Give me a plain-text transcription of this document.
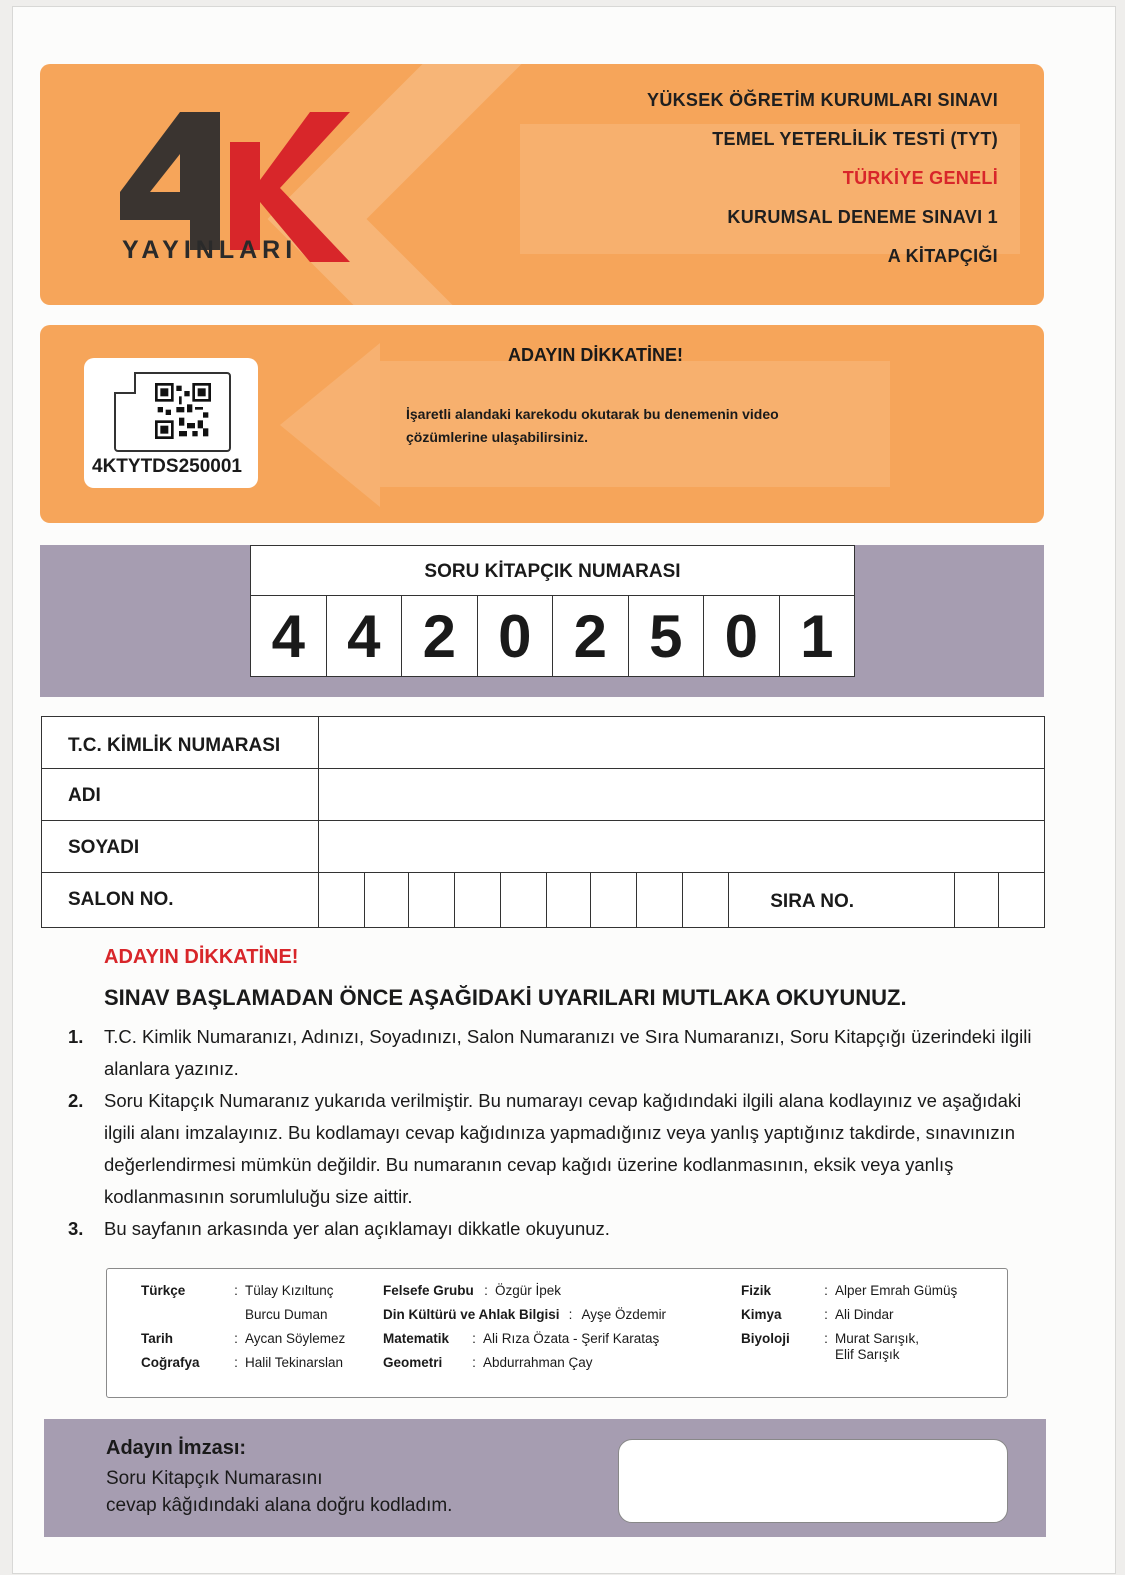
YAYINLARI
YÜKSEK ÖĞRETİM KURUMLARI SINAVI
TEMEL YETERLİLİK TESTİ (TYT)
TÜRKİYE GENELİ
KURUMSAL DENEME SINAVI 1
A KİTAPÇIĞI
4KTYTDS250001
ADAYIN DİKKATİNE!
İşaretli alandaki karekodu okutarak bu denemenin video çözümlerine ulaşabilirsiniz.
SORU KİTAPÇIK NUMARASI
4 4 2 0 2 5 0 1
T.C. KİMLİK NUMARASI
ADI
SOYADI
SALON NO.	SIRA NO.
ADAYIN DİKKATİNE!
SINAV BAŞLAMADAN ÖNCE AŞAĞIDAKİ UYARILARI MUTLAKA OKUYUNUZ.
1.	T.C. Kimlik Numaranızı, Adınızı, Soyadınızı, Salon Numaranızı ve Sıra Numaranızı, Soru Kitapçığı üzerindeki ilgili alanlara yazınız.
2.	Soru Kitapçık Numaranız yukarıda verilmiştir. Bu numarayı cevap kağıdındaki ilgili alana kodlayınız ve aşağıdaki ilgili alanı imzalayınız. Bu kodlamayı cevap kağıdınıza yapmadığınız veya yanlış yaptığınız takdirde, sınavınızın değerlendirmesi mümkün değildir. Bu numaranın cevap kağıdı üzerine kodlanmasının, eksik veya yanlış kodlanmasının sorumluluğu size aittir.
3.	Bu sayfanın arkasında yer alan açıklamayı dikkatle okuyunuz.
Türkçe	: Tülay Kızıltunç
Burcu Duman
Tarih	: Aycan Söylemez
Coğrafya	: Halil Tekinarslan
Felsefe Grubu : Özgür İpek
Din Kültürü ve Ahlak Bilgisi : Ayşe Özdemir
Matematik	: Ali Rıza Özata - Şerif Karataş
Geometri	: Abdurrahman Çay
Fizik	: Alper Emrah Gümüş
Kimya	: Ali Dindar
Biyoloji	: Murat Sarışık,
Elif Sarışık
Adayın İmzası:
Soru Kitapçık Numarasını
cevap kâğıdındaki alana doğru kodladım.
